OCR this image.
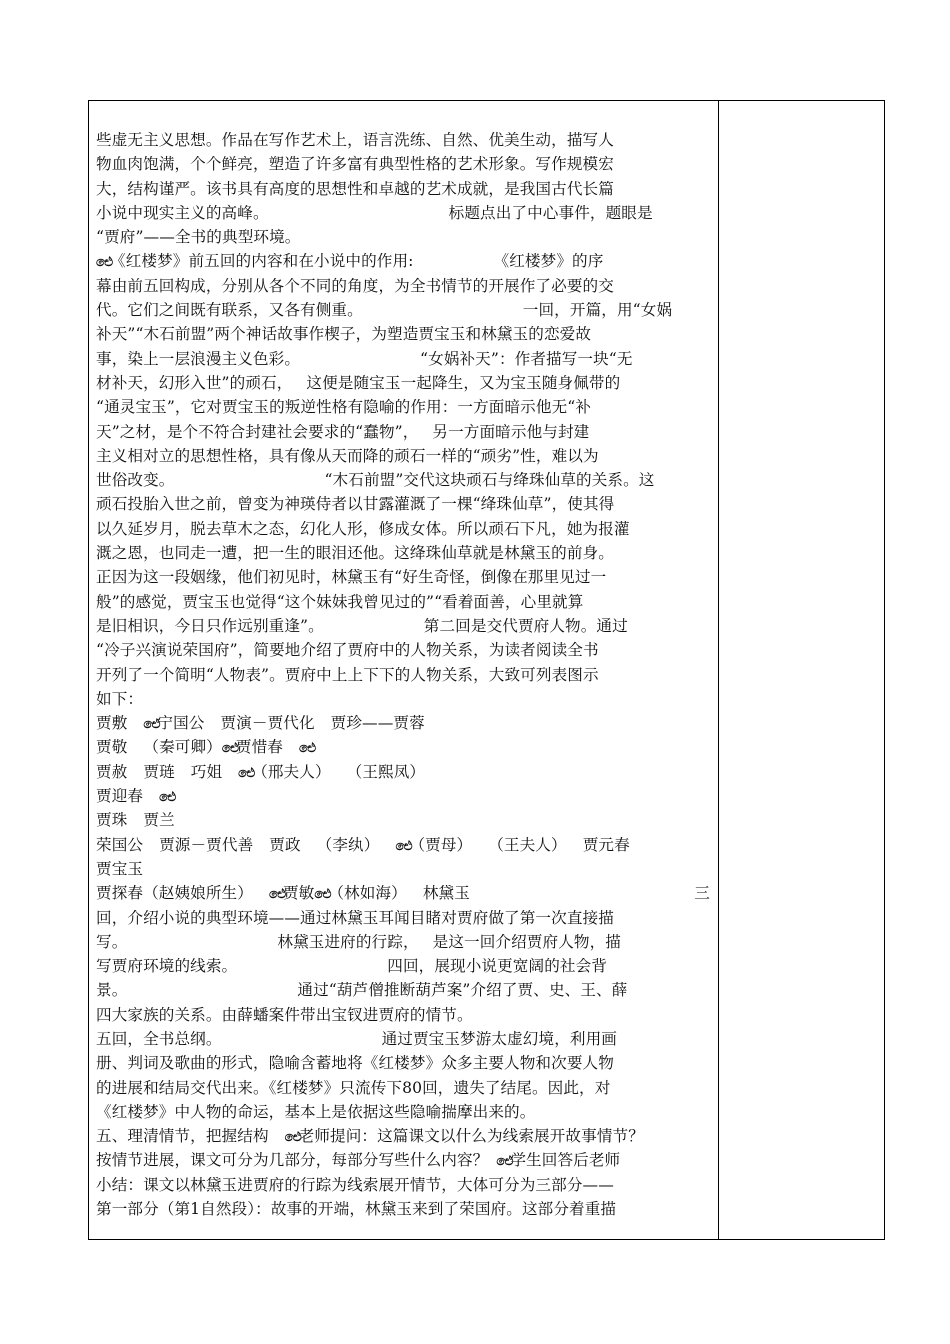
些虚无主义思想。作品在写作艺术上，语言洗练、自然、优美生动，描写人
物血肉饱满，个个鲜亮，塑造了许多富有典型性格的艺术形象。写作规模宏
大，结构谨严。该书具有高度的思想性和卓越的艺术成就，是我国古代长篇
小说中现实主义的高峰。	标题点出了中心事件，题眼是
“贾府”——全书的典型环境。
ඓ《红楼梦》前五回的内容和在小说中的作用:	《红楼梦》的序
幕由前五回构成，分别从各个不同的角度，为全书情节的开展作了必要的交
代。它们之间既有联系，又各有侧重。	一回，开篇，用“女娲
补天”“木石前盟”两个神话故事作楔子，为塑造贾宝玉和林黛玉的恋爱故
事，染上一层浪漫主义色彩。	“女娲补天”：作者描写一块“无
材补天，幻形入世”的顽石， 这便是随宝玉一起降生，又为宝玉随身佩带的
“通灵宝玉”，它对贾宝玉的叛逆性格有隐喻的作用：一方面暗示他无“补
天”之材，是个不符合封建社会要求的“蠢物”， 另一方面暗示他与封建
主义相对立的思想性格，具有像从天而降的顽石一样的“顽劣”性，难以为
世俗改变。	“木石前盟”交代这块顽石与绛珠仙草的关系。这
顽石投胎入世之前，曾变为神瑛侍者以甘露灌溉了一棵“绛珠仙草”，使其得
以久延岁月，脱去草木之态，幻化人形，修成女体。所以顽石下凡，她为报灌
溉之恩，也同走一遭，把一生的眼泪还他。这绛珠仙草就是林黛玉的前身。
正因为这一段姻缘，他们初见时，林黛玉有“好生奇怪，倒像在那里见过一
般”的感觉，贾宝玉也觉得“这个妹妹我曾见过的”“看着面善，心里就算
是旧相识，今日只作远别重逢”。	第二回是交代贾府人物。通过
“冷子兴演说荣国府”，简要地介绍了贾府中的人物关系，为读者阅读全书
开列了一个简明“人物表”。贾府中上上下下的人物关系，大致可列表图示
如下：
贾敷 ඓ宁国公 贾演－贾代化 贾珍——贾蓉
贾敬 （秦可卿）ඓ贾惜春 ඓ
贾赦 贾琏 巧姐 ඓ（邢夫人） （王熙凤）
贾迎春 ඓ
贾珠 贾兰
荣国公 贾源－贾代善 贾政 （李纨） ඓ（贾母） （王夫人） 贾元春
贾宝玉
贾探春（赵姨娘所生） ඓ贾敏ඓ（林如海） 林黛玉	三
回，介绍小说的典型环境——通过林黛玉耳闻目睹对贾府做了第一次直接描
写。	林黛玉进府的行踪， 是这一回介绍贾府人物，描
写贾府环境的线索。	四回，展现小说更宽阔的社会背
景。	通过“葫芦僧推断葫芦案”介绍了贾、史、王、薛
四大家族的关系。由薛蟠案件带出宝钗进贾府的情节。
五回，全书总纲。	通过贾宝玉梦游太虚幻境，利用画
册、判词及歌曲的形式，隐喻含蓄地将《红楼梦》众多主要人物和次要人物
的进展和结局交代出来。《红楼梦》只流传下80回，遗失了结尾。因此，对
《红楼梦》中人物的命运，基本上是依据这些隐喻揣摩出来的。
五、理清情节，把握结构 ඓ老师提问：这篇课文以什么为线索展开故事情节？
按情节进展，课文可分为几部分，每部分写些什么内容？ ඓ学生回答后老师
小结：课文以林黛玉进贾府的行踪为线索展开情节，大体可分为三部分——
第一部分（第1自然段）：故事的开端，林黛玉来到了荣国府。这部分着重描
